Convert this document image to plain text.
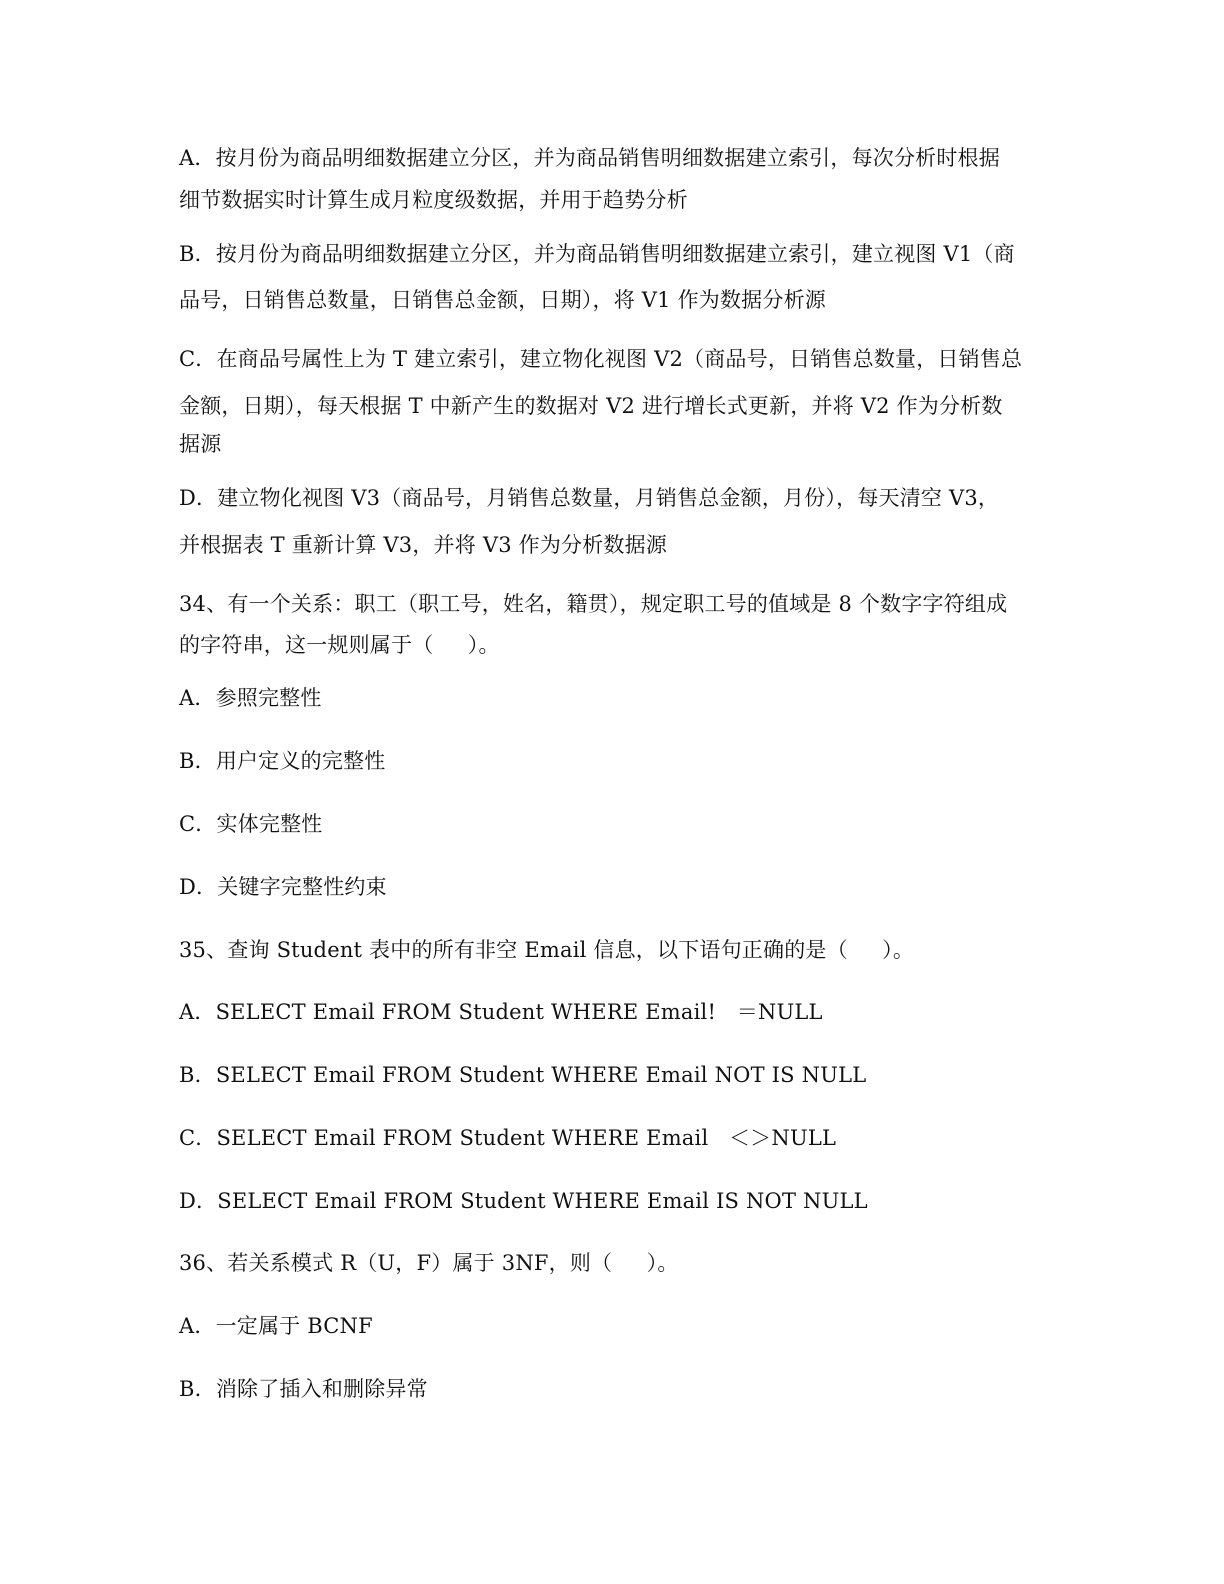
A．按月份为商品明细数据建立分区，并为商品销售明细数据建立索引，每次分析时根据
细节数据实时计算生成月粒度级数据，并用于趋势分析
B．按月份为商品明细数据建立分区，并为商品销售明细数据建立索引，建立视图 V1（商
品号，日销售总数量，日销售总金额，日期），将 V1 作为数据分析源
C．在商品号属性上为 T 建立索引，建立物化视图 V2（商品号，日销售总数量，日销售总
金额，日期），每天根据 T 中新产生的数据对 V2 进行增长式更新，并将 V2 作为分析数
据源
D．建立物化视图 V3（商品号，月销售总数量，月销售总金额，月份），每天清空 V3，
并根据表 T 重新计算 V3，并将 V3 作为分析数据源
34、有一个关系：职工（职工号，姓名，籍贯），规定职工号的值域是 8 个数字字符组成
的字符串，这一规则属于（     ）。
A．参照完整性
B．用户定义的完整性
C．实体完整性
D．关键字完整性约束
35、查询 Student 表中的所有非空 Email 信息，以下语句正确的是（     ）。
A．SELECT Email FROM Student WHERE Email!   ＝NULL
B．SELECT Email FROM Student WHERE Email NOT IS NULL
C．SELECT Email FROM Student WHERE Email   ＜＞NULL
D．SELECT Email FROM Student WHERE Email IS NOT NULL
36、若关系模式 R（U，F）属于 3NF，则（     ）。
A．一定属于 BCNF
B．消除了插入和删除异常
